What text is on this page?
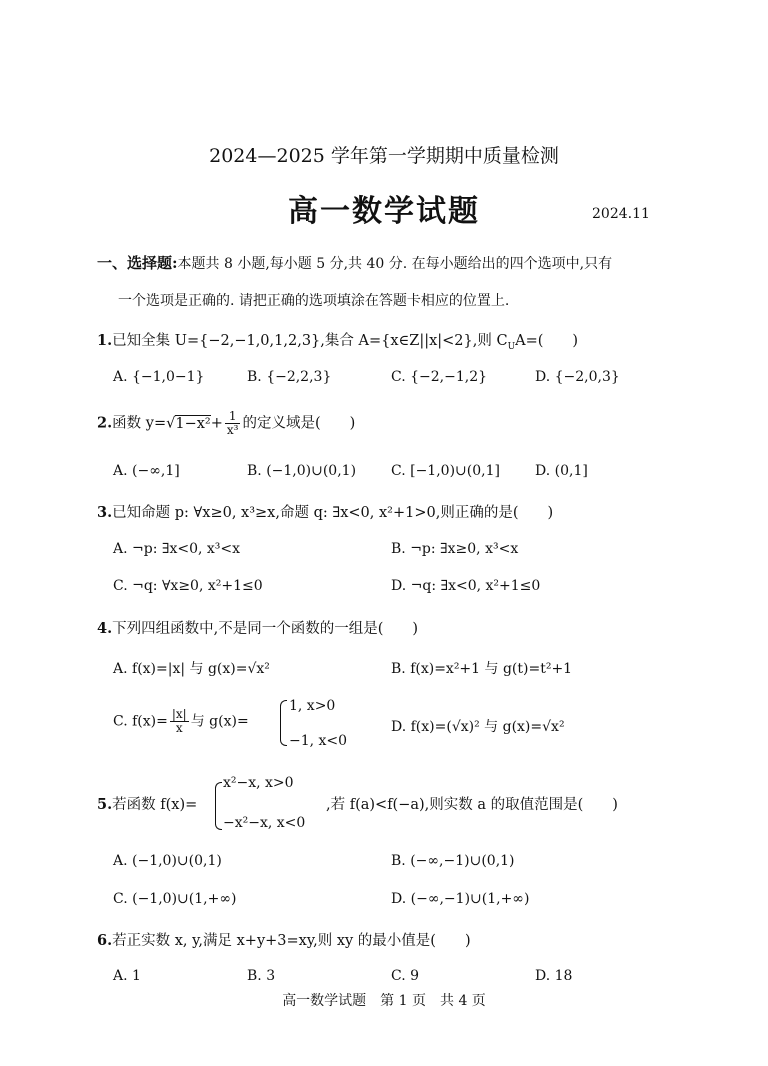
2024—2025 学年第一学期期中质量检测
高一数学试题	2024.11
一、选择题:本题共 8 小题,每小题 5 分,共 40 分. 在每小题给出的四个选项中,只有
一个选项是正确的. 请把正确的选项填涂在答题卡相应的位置上.
1.已知全集 U={−2,−1,0,1,2,3},集合 A={x∈Z||x|<2},则 $C_UA=$(　　)
A. {−1,0−1}	B. {−2,2,3}	C. {−2,−1,2}	D. {−2,0,3}
2.函数 $y=√1-x^2+ \frac{1}{\text{x³}}$ 的定义域是(　　)
A. (−∞,1]	B. (−1,0)∪(0,1) C. [−1,0)∪(0,1]	D. (0,1]
3.已知命题 p: ∀x≥0, x³≥x,命题 q: ∃x<0, x²+1>0,则正确的是(　　)
A. ¬p: ∃x<0, x³<x	B. ¬p: ∃x≥0, x³<x
C. ¬q: ∀x≥0, x²+1≤0	D. ¬q: ∃x<0, x²+1≤0
4.下列四组函数中,不是同一个函数的一组是(　　)
A. f(x)=|x| 与 g(x)=√x²	B. f(x)=x²+1 与 g(t)=t²+1
C. $f(x)= \frac{|x|}{x}$ 与 g(x)=
1, x>0
−1, x<0
D. f(x)=(√x)² 与 g(x)=√x²
5.若函数 f(x)=
x²−x, x>0
−x²−x, x<0
,若 f(a)<f(−a),则实数 a 的取值范围是(　　)
A. (−1,0)∪(0,1)	B. (−∞,−1)∪(0,1)
C. (−1,0)∪(1,+∞)	D. (−∞,−1)∪(1,+∞)
6.若正实数 x, y,满足 x+y+3=xy,则 xy 的最小值是(　　)
A. 1	B. 3	C. 9	D. 18
高一数学试题　第 1 页　共 4 页
